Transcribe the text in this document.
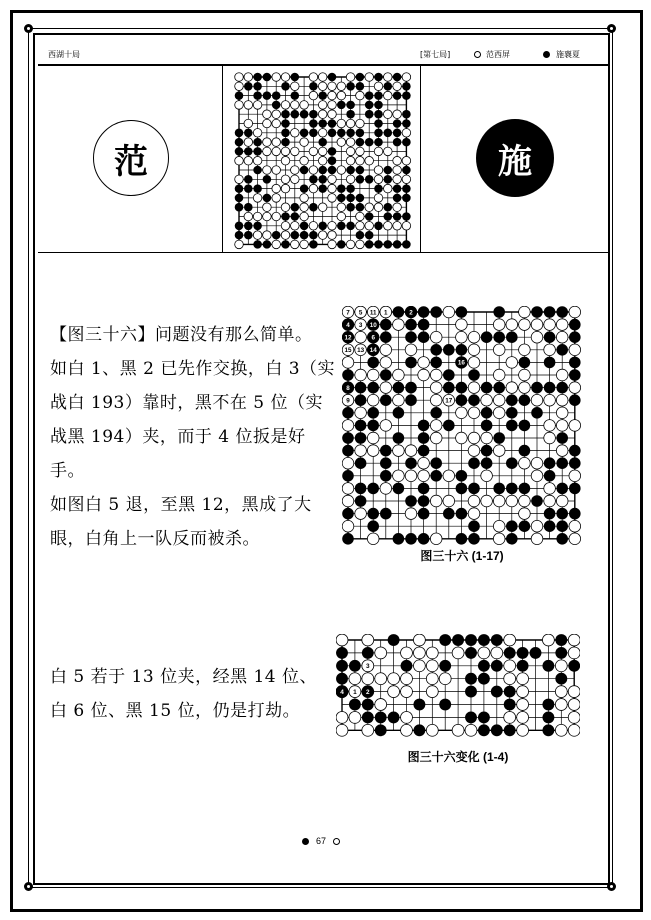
西湖十局	[第七局]	范西屏	施襄夏
范	施
【图三十六】问题没有那么简单。
如白 1、黑 2 已先作交换，白 3（实
战白 193）靠时，黑不在 5 位（实
战黑 194）夹，而于 4 位扳是好手。
如图白 5 退，至黑 12，黑成了大
眼，白角上一队反而被杀。
7 5 11 1	2
4 3 10
12	6
15 13 14
16
8
9	17
图三十六 (1-17)
白 5 若于 13 位夹，经黑 14 位、
白 6 位、黑 15 位，仍是打劫。
3
4 1 2
图三十六变化 (1-4)
67
